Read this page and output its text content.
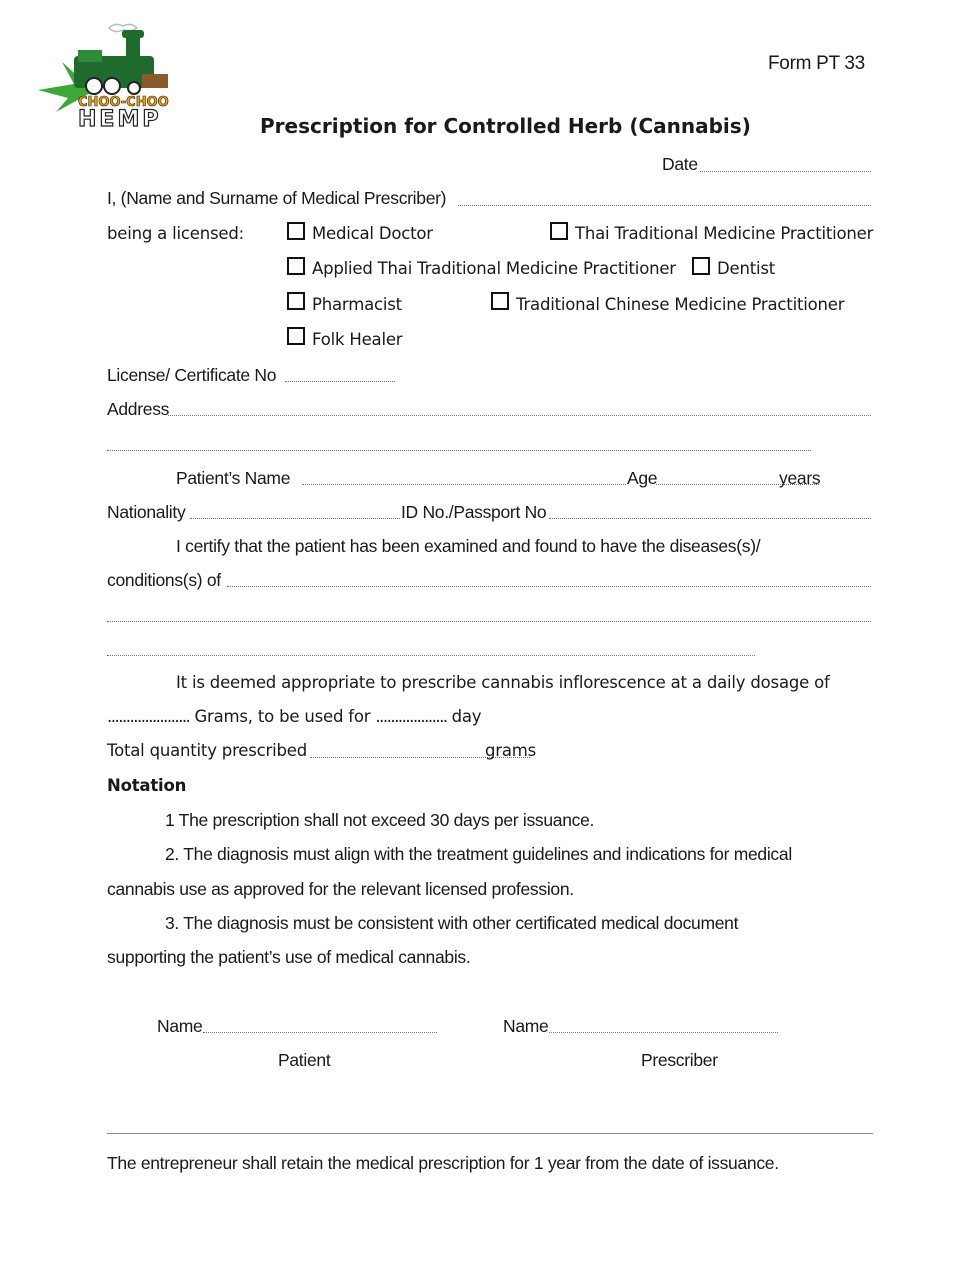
CHOO-CHOO
HEMP
Form PT 33
Prescription for Controlled Herb (Cannabis)
Date
I, (Name and Surname of Medical Prescriber)
being a licensed:	Medical Doctor	Thai Traditional Medicine Practitioner
Applied Thai Traditional Medicine Practitioner Dentist
Pharmacist	Traditional Chinese Medicine Practitioner
Folk Healer
License/ Certificate No
Address
Patient’s Name	Age	years
Nationality	ID No./Passport No
I certify that the patient has been examined and found to have the diseases(s)/
conditions(s) of
It is deemed appropriate to prescribe cannabis inflorescence at a daily dosage of
...................... Grams, to be used for ................... day
Total quantity prescribed	grams
Notation
1 The prescription shall not exceed 30 days per issuance.
2. The diagnosis must align with the treatment guidelines and indications for medical
cannabis use as approved for the relevant licensed profession.
3. The diagnosis must be consistent with other certificated medical document
supporting the patient’s use of medical cannabis.
Name
Patient
Name
Prescriber
The entrepreneur shall retain the medical prescription for 1 year from the date of issuance.
